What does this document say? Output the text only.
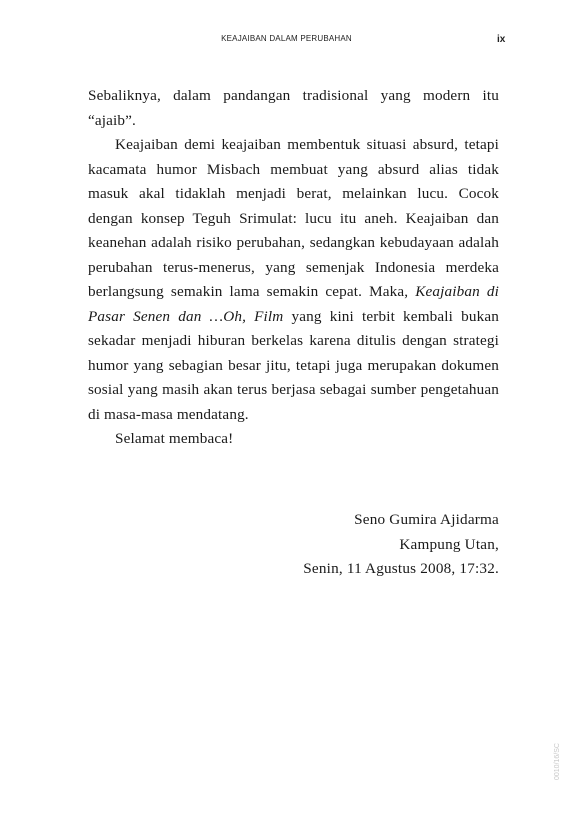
KEAJAIBAN DALAM PERUBAHAN	ix

Sebaliknya, dalam pandangan tradisional yang modern itu “ajaib”.

Keajaiban demi keajaiban membentuk situasi absurd, tetapi kacamata humor Misbach membuat yang absurd alias tidak masuk akal tidaklah menjadi berat, melainkan lucu. Cocok dengan konsep Teguh Srimulat: lucu itu aneh. Keajaiban dan keanehan adalah risiko perubahan, sedangkan kebudayaan adalah perubahan terus-menerus, yang semenjak Indonesia merdeka berlangsung semakin lama semakin cepat. Maka, Keajaiban di Pasar Senen dan …Oh, Film yang kini terbit kembali bukan sekadar menjadi hiburan berkelas karena ditulis dengan strategi humor yang sebagian besar jitu, tetapi juga merupakan dokumen sosial yang masih akan terus berjasa sebagai sumber pengetahuan di masa-masa mendatang.

Selamat membaca!

Seno Gumira Ajidarma
Kampung Utan,
Senin, 11 Agustus 2008, 17:32.
0010/16/SC
